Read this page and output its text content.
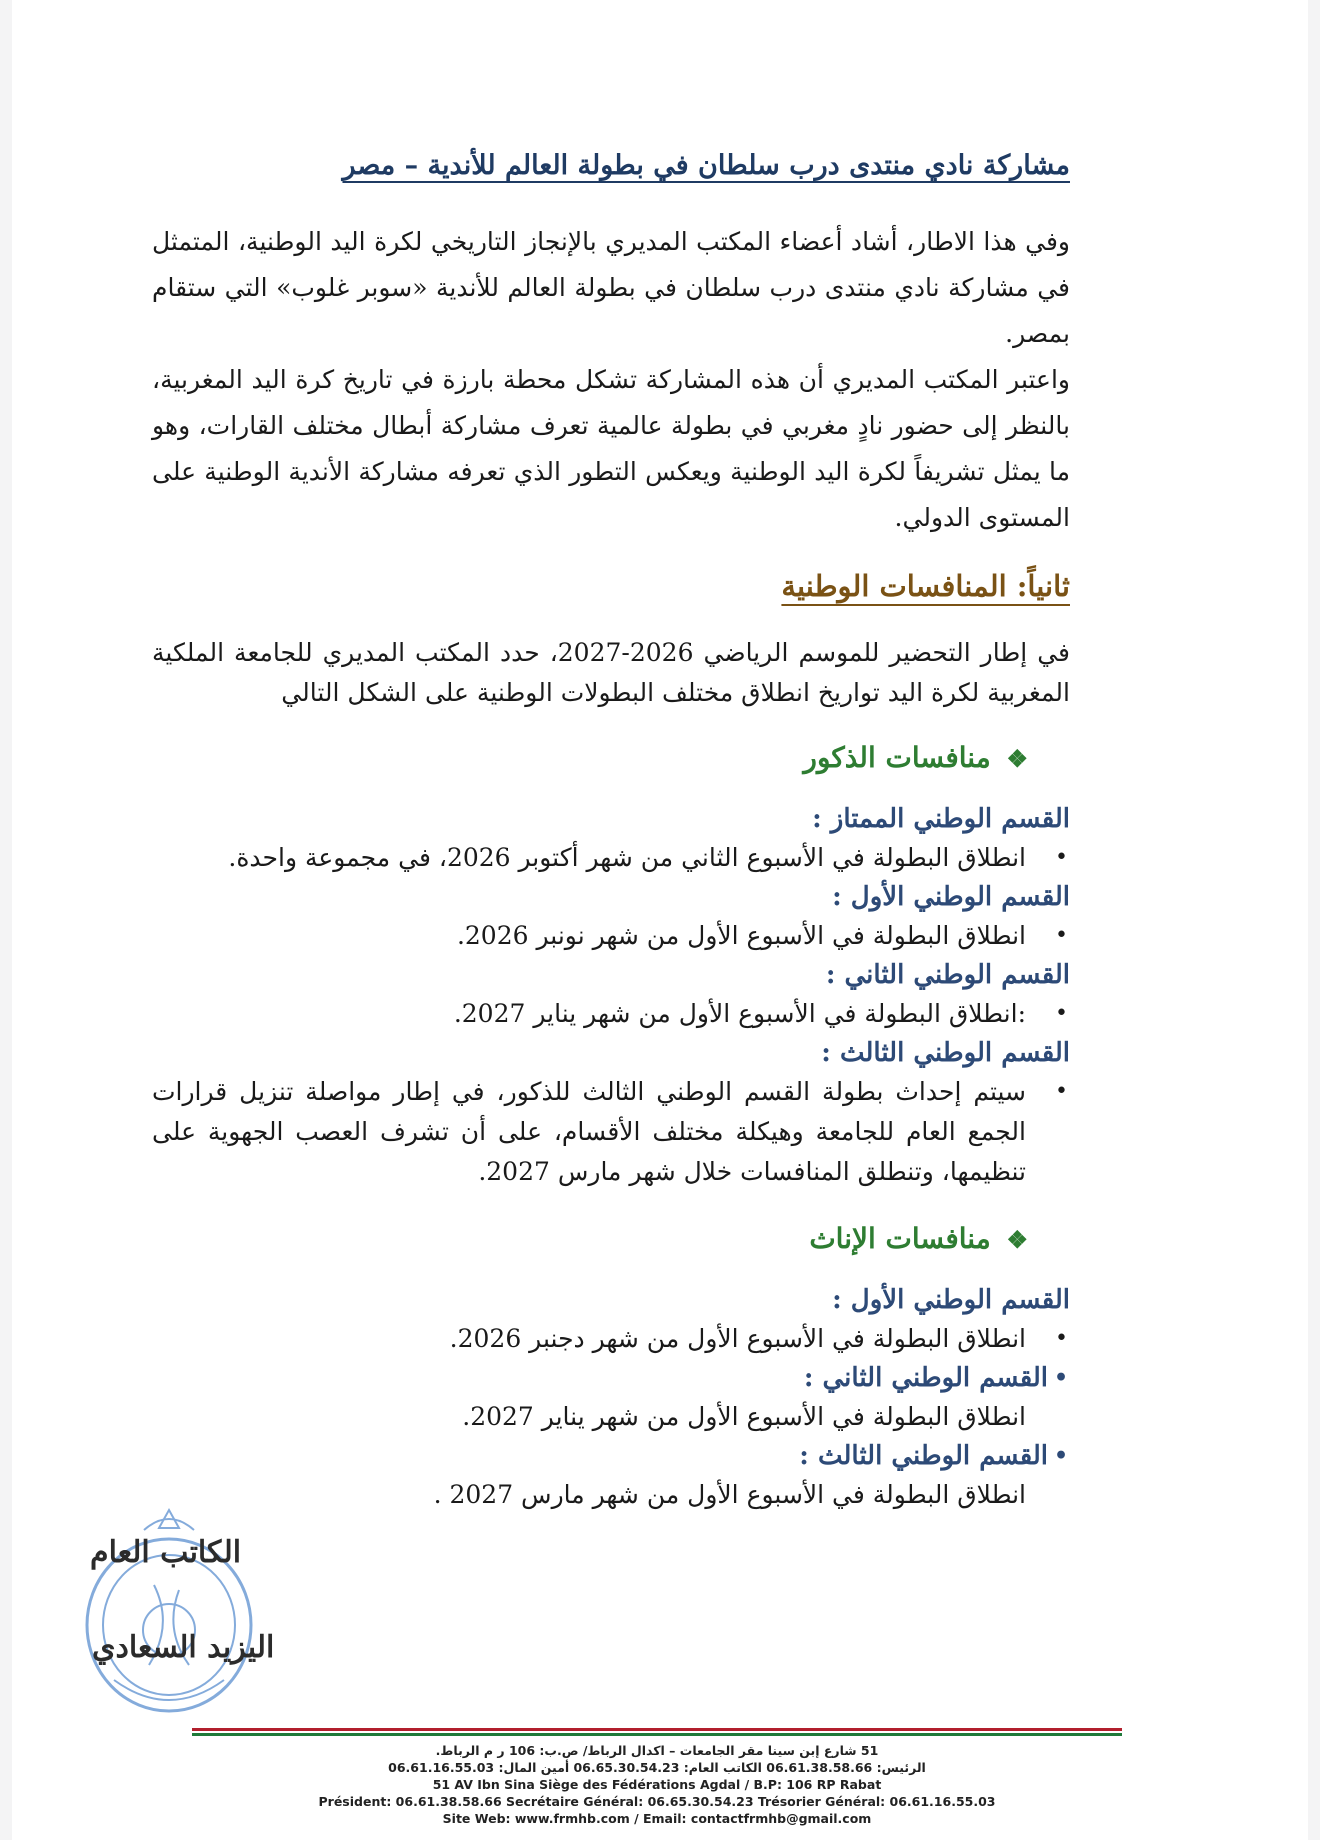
مشاركة نادي منتدى درب سلطان في بطولة العالم للأندية – مصر

وفي هذا الاطار، أشاد أعضاء المكتب المديري بالإنجاز التاريخي لكرة اليد الوطنية، المتمثل في مشاركة نادي منتدى درب سلطان في بطولة العالم للأندية «سوبر غلوب» التي ستقام بمصر.

واعتبر المكتب المديري أن هذه المشاركة تشكل محطة بارزة في تاريخ كرة اليد المغربية، بالنظر إلى حضور نادٍ مغربي في بطولة عالمية تعرف مشاركة أبطال مختلف القارات، وهو ما يمثل تشريفاً لكرة اليد الوطنية ويعكس التطور الذي تعرفه مشاركة الأندية الوطنية على المستوى الدولي.

ثانياً: المنافسات الوطنية

في إطار التحضير للموسم الرياضي 2026-2027، حدد المكتب المديري للجامعة الملكية المغربية لكرة اليد تواريخ انطلاق مختلف البطولات الوطنية على الشكل التالي

❖ منافسات الذكور
القسم الوطني الممتاز :
• انطلاق البطولة في الأسبوع الثاني من شهر أكتوبر 2026، في مجموعة واحدة.
القسم الوطني الأول :
• انطلاق البطولة في الأسبوع الأول من شهر نونبر 2026.
القسم الوطني الثاني :
• :انطلاق البطولة في الأسبوع الأول من شهر يناير 2027.
القسم الوطني الثالث :
• سيتم إحداث بطولة القسم الوطني الثالث للذكور، في إطار مواصلة تنزيل قرارات الجمع العام للجامعة وهيكلة مختلف الأقسام، على أن تشرف العصب الجهوية على تنظيمها، وتنطلق المنافسات خلال شهر مارس 2027.
❖ منافسات الإناث
القسم الوطني الأول :
• انطلاق البطولة في الأسبوع الأول من شهر دجنبر 2026.
• القسم الوطني الثاني :

انطلاق البطولة في الأسبوع الأول من شهر يناير 2027.

• القسم الوطني الثالث :

انطلاق البطولة في الأسبوع الأول من شهر مارس 2027 .

الكاتب العام
اليزيد السعادي
51 شارع إبن سينا مقر الجامعات – اكدال الرباط/ ص.ب: 106 ر م الرباط.
الرئيس: 06.61.38.58.66 الكاتب العام: 06.65.30.54.23 أمين المال: 06.61.16.55.03
51 AV Ibn Sina Siège des Fédérations Agdal / B.P: 106 RP Rabat
Président: 06.61.38.58.66 Secrétaire Général: 06.65.30.54.23 Trésorier Général: 06.61.16.55.03
Site Web: www.frmhb.com / Email: contactfrmhb@gmail.com
